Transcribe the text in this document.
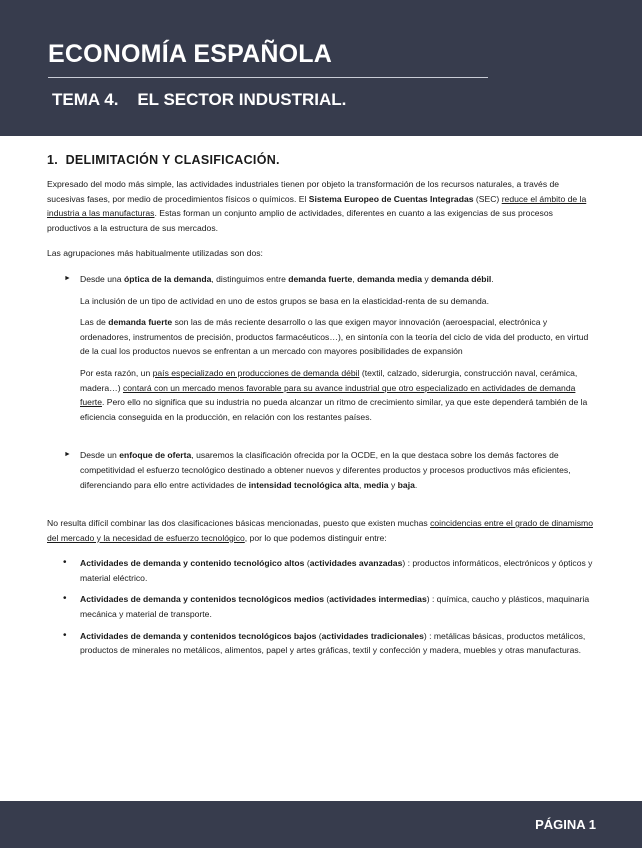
ECONOMÍA ESPAÑOLA
TEMA 4.    EL SECTOR INDUSTRIAL.
1.  DELIMITACIÓN Y CLASIFICACIÓN.

Expresado del modo más simple, las actividades industriales tienen por objeto la transformación de los recursos naturales, a través de sucesivas fases, por medio de procedimientos físicos o químicos. El Sistema Europeo de Cuentas Integradas (SEC) reduce el ámbito de la industria a las manufacturas. Estas forman un conjunto amplio de actividades, diferentes en cuanto a las exigencias de sus procesos productivos a la estructura de sus mercados.

Las agrupaciones más habitualmente utilizadas son dos:

► Desde una óptica de la demanda, distinguimos entre demanda fuerte, demanda media y demanda débil.

La inclusión de un tipo de actividad en uno de estos grupos se basa en la elasticidad-renta de su demanda.

Las de demanda fuerte son las de más reciente desarrollo o las que exigen mayor innovación (aeroespacial, electrónica y ordenadores, instrumentos de precisión, productos farmacéuticos…), en sintonía con la teoría del ciclo de vida del producto, en virtud de la cual los productos nuevos se enfrentan a un mercado con mayores posibilidades de expansión

Por esta razón, un país especializado en producciones de demanda débil (textil, calzado, siderurgia, construcción naval, cerámica, madera…) contará con un mercado menos favorable para su avance industrial que otro especializado en actividades de demanda fuerte. Pero ello no significa que su industria no pueda alcanzar un ritmo de crecimiento similar, ya que este dependerá también de la eficiencia conseguida en la producción, en relación con los restantes países.

► Desde un enfoque de oferta, usaremos la clasificación ofrecida por la OCDE, en la que destaca sobre los demás factores de competitividad el esfuerzo tecnológico destinado a obtener nuevos y diferentes productos y procesos productivos más eficientes, diferenciando para ello entre actividades de intensidad tecnológica alta, media y baja.

No resulta difícil combinar las dos clasificaciones básicas mencionadas, puesto que existen muchas coincidencias entre el grado de dinamismo del mercado y la necesidad de esfuerzo tecnológico, por lo que podemos distinguir entre:

• Actividades de demanda y contenido tecnológico altos (actividades avanzadas) : productos informáticos, electrónicos y ópticos y material eléctrico.

• Actividades de demanda y contenidos tecnológicos medios (actividades intermedias) : química, caucho y plásticos, maquinaria mecánica y material de transporte.

• Actividades de demanda y contenidos tecnológicos bajos (actividades tradicionales) : metálicas básicas, productos metálicos, productos de minerales no metálicos, alimentos, papel y artes gráficas, textil y confección y madera, muebles y otras manufacturas.

PÁGINA 1
